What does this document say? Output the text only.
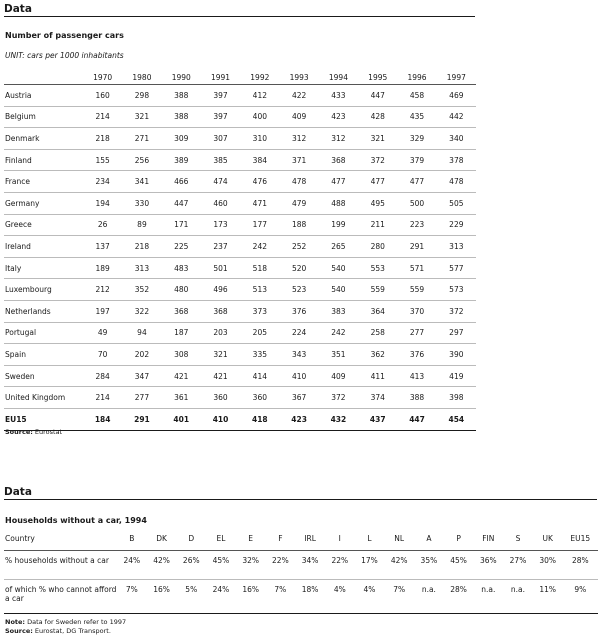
Data
Number of passenger cars
UNIT: cars per 1000 inhabitants
	1970	1980	1990	1991	1992	1993	1994	1995	1996	1997
Austria	160	298	388	397	412	422	433	447	458	469
Belgium	214	321	388	397	400	409	423	428	435	442
Denmark	218	271	309	307	310	312	312	321	329	340
Finland	155	256	389	385	384	371	368	372	379	378
France	234	341	466	474	476	478	477	477	477	478
Germany	194	330	447	460	471	479	488	495	500	505
Greece	26	89	171	173	177	188	199	211	223	229
Ireland	137	218	225	237	242	252	265	280	291	313
Italy	189	313	483	501	518	520	540	553	571	577
Luxembourg	212	352	480	496	513	523	540	559	559	573
Netherlands	197	322	368	368	373	376	383	364	370	372
Portugal	49	94	187	203	205	224	242	258	277	297
Spain	70	202	308	321	335	343	351	362	376	390
Sweden	284	347	421	421	414	410	409	411	413	419
United Kingdom	214	277	361	360	360	367	372	374	388	398
EU15	184	291	401	410	418	423	432	437	447	454
Source: Eurostat
Data
Households without a car, 1994
Country	B	DK	D	EL	E	F	IRL	I	L	NL	A	P	FIN	S	UK	EU15
% households without a car	24%	42%	26%	45%	32%	22%	34%	22%	17%	42%	35%	45%	36%	27%	30%	28%
of which % who cannot afford a car	7%	16%	5%	24%	16%	7%	18%	4%	4%	7%	n.a.	28%	n.a.	n.a.	11%	9%
Note: Data for Sweden refer to 1997
Source: Eurostat, DG Transport.
